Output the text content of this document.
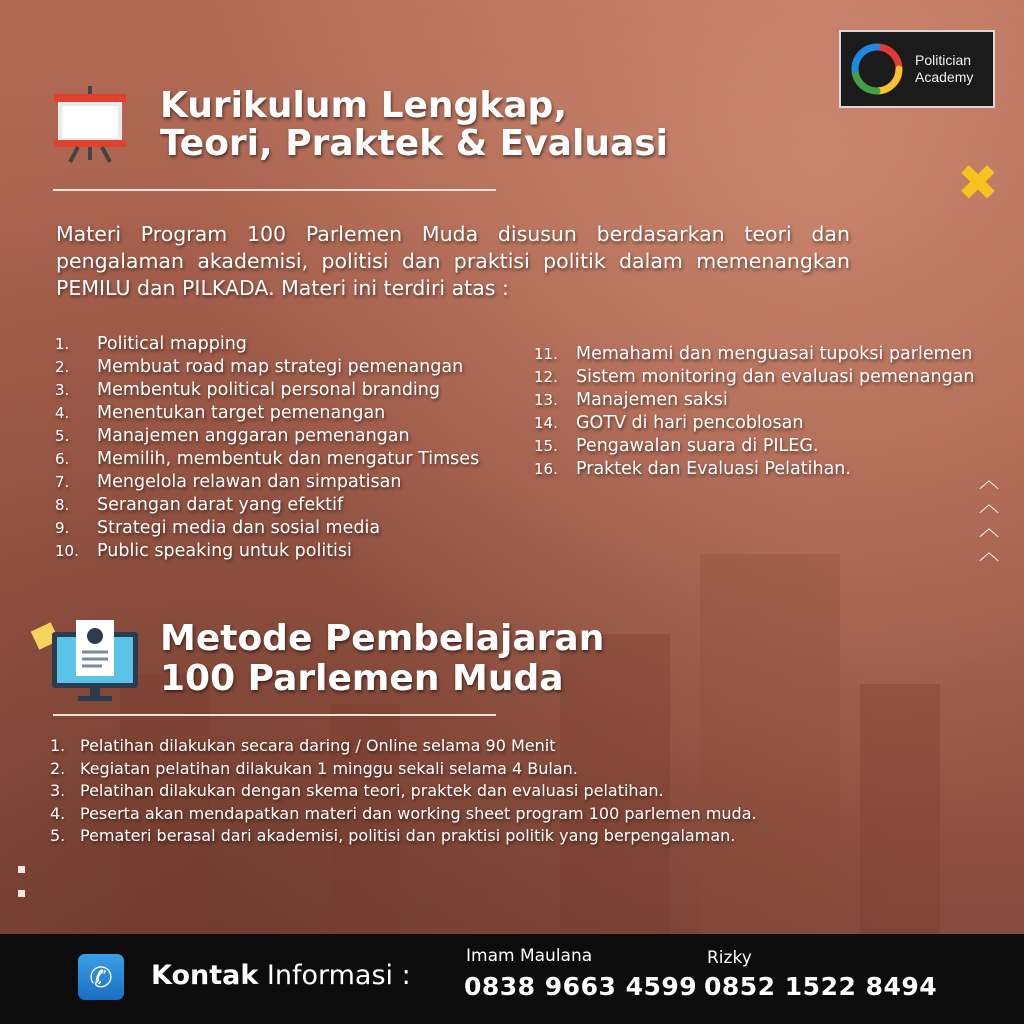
Politician
Academy
Kurikulum Lengkap,
Teori, Praktek & Evaluasi

Materi Program 100 Parlemen Muda disusun berdasarkan teori dan pengalaman akademisi, politisi dan praktisi politik dalam memenangkan PEMILU dan PILKADA. Materi ini terdiri atas :

1.	Political mapping
2.	Membuat road map strategi pemenangan
3.	Membentuk political personal branding
4.	Menentukan target pemenangan
5.	Manajemen anggaran pemenangan
6.	Memilih, membentuk dan mengatur Timses
7.	Mengelola relawan dan simpatisan
8.	Serangan darat yang efektif
9.	Strategi media dan sosial media
10.	Public speaking untuk politisi
11.	Memahami dan menguasai tupoksi parlemen
12.	Sistem monitoring dan evaluasi pemenangan
13.	Manajemen saksi
14.	GOTV di hari pencoblosan
15.	Pengawalan suara di PILEG.
16.	Praktek dan Evaluasi Pelatihan.
✖
︿
︿
︿
︿
Metode Pembelajaran
100 Parlemen Muda
1. Pelatihan dilakukan secara daring / Online selama 90 Menit
2. Kegiatan pelatihan dilakukan 1 minggu sekali selama 4 Bulan.
3. Pelatihan dilakukan dengan skema teori, praktek dan evaluasi pelatihan.
4. Peserta akan mendapatkan materi dan working sheet program 100 parlemen muda.
5. Pemateri berasal dari akademisi, politisi dan praktisi politik yang berpengalaman.
✆	Kontak Informasi :
Imam Maulana
0838 9663 4599
Rizky
0852 1522 8494
